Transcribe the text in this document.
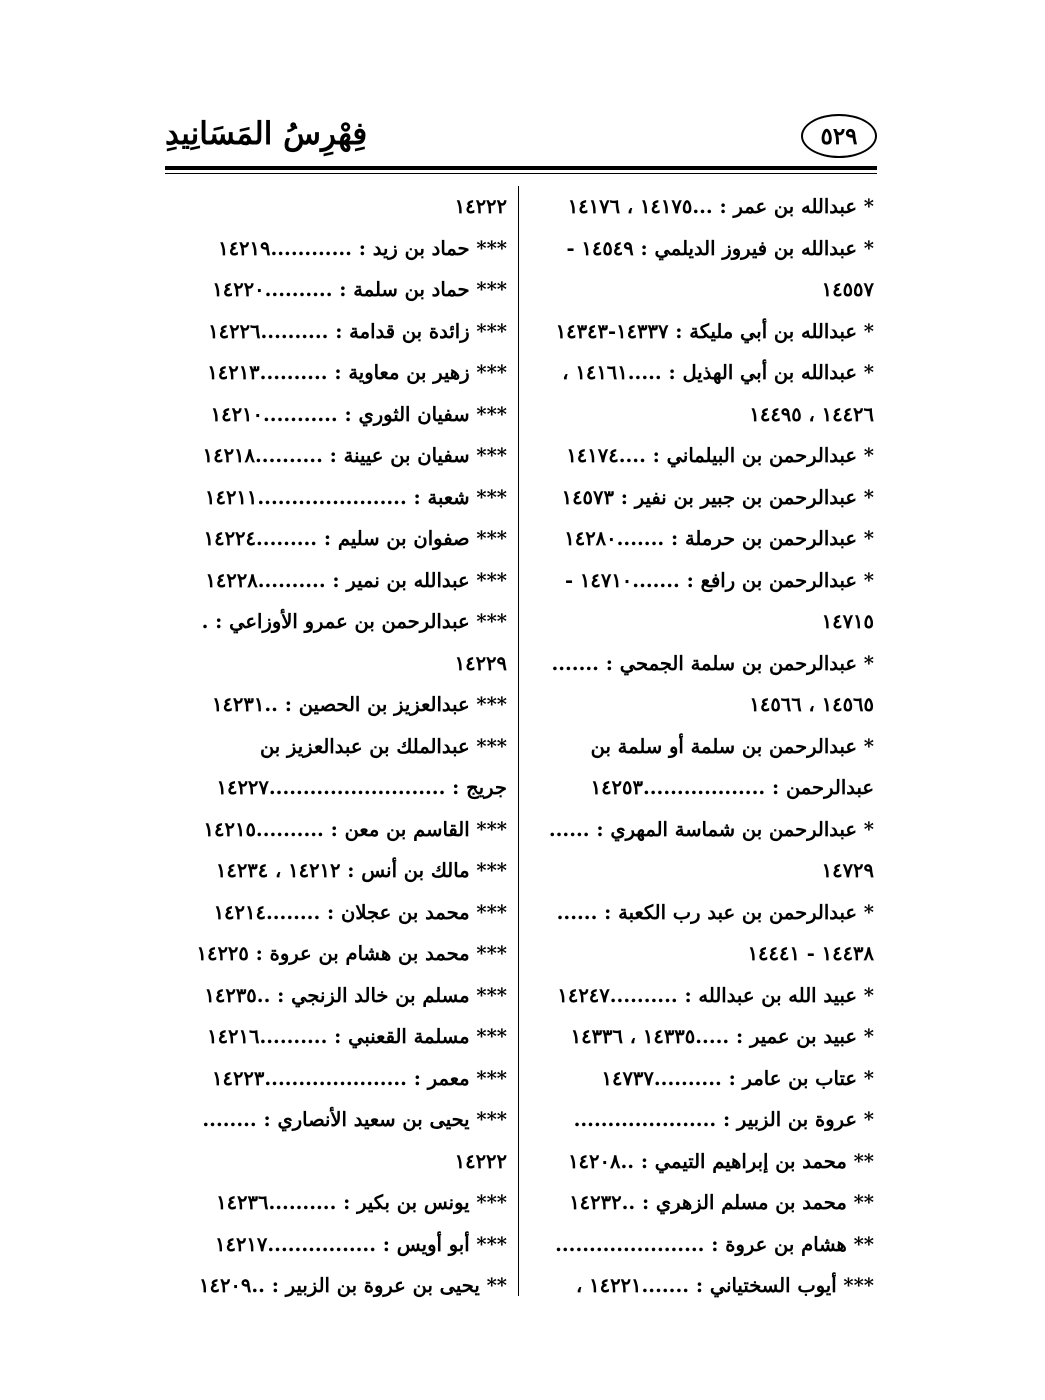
فِهْرِسُ المَسَانِيدِ	٥٢٩
* عبدالله بن عمر : ...١٤١٧٥ ، ١٤١٧٦
* عبدالله بن فيروز الديلمي : ١٤٥٤٩ -
١٤٥٥٧
* عبدالله بن أبي مليكة : ١٤٣٣٧-١٤٣٤٣
* عبدالله بن أبي الهذيل : .....١٤١٦١ ،
١٤٤٢٦ ، ١٤٤٩٥
* عبدالرحمن بن البيلماني : ....١٤١٧٤
* عبدالرحمن بن جبير بن نفير : ١٤٥٧٣
* عبدالرحمن بن حرملة : .......١٤٢٨٠
* عبدالرحمن بن رافع : .......١٤٧١٠ -
١٤٧١٥
* عبدالرحمن بن سلمة الجمحي : .......
١٤٥٦٥ ، ١٤٥٦٦
* عبدالرحمن بن سلمة أو سلمة بن
عبدالرحمن : ..................١٤٢٥٣
* عبدالرحمن بن شماسة المهري : ......
١٤٧٢٩
* عبدالرحمن بن عبد رب الكعبة : ......
١٤٤٣٨ - ١٤٤٤١
* عبيد الله بن عبدالله : ..........١٤٢٤٧
* عبيد بن عمير : .....١٤٣٣٥ ، ١٤٣٣٦
* عتاب بن عامر : ..........١٤٧٣٧
* عروة بن الزبير : .....................
** محمد بن إبراهيم التيمي : ..١٤٢٠٨
** محمد بن مسلم الزهري : ..١٤٢٣٢
** هشام بن عروة : ......................
*** أيوب السختياني : .......١٤٢٢١ ،
١٤٢٢٢
*** حماد بن زيد : ............١٤٢١٩
*** حماد بن سلمة : ..........١٤٢٢٠
*** زائدة بن قدامة : ..........١٤٢٢٦
*** زهير بن معاوية : ..........١٤٢١٣
*** سفيان الثوري : ...........١٤٢١٠
*** سفيان بن عيينة : ..........١٤٢١٨
*** شعبة : ......................١٤٢١١
*** صفوان بن سليم : .........١٤٢٢٤
*** عبدالله بن نمير : ..........١٤٢٢٨
*** عبدالرحمن بن عمرو الأوزاعي : .
١٤٢٢٩
*** عبدالعزيز بن الحصين : ..١٤٢٣١
*** عبدالملك بن عبدالعزيز بن
جريج : ..........................١٤٢٢٧
*** القاسم بن معن : ..........١٤٢١٥
*** مالك بن أنس : ١٤٢١٢ ، ١٤٢٣٤
*** محمد بن عجلان : ........١٤٢١٤
*** محمد بن هشام بن عروة : ١٤٢٢٥
*** مسلم بن خالد الزنجي : ..١٤٢٣٥
*** مسلمة القعنبي : ..........١٤٢١٦
*** معمر : .....................١٤٢٢٣
*** يحيى بن سعيد الأنصاري : ........
١٤٢٢٢
*** يونس بن بكير : ..........١٤٢٣٦
*** أبو أويس : ................١٤٢١٧
** يحيى بن عروة بن الزبير : ..١٤٢٠٩
